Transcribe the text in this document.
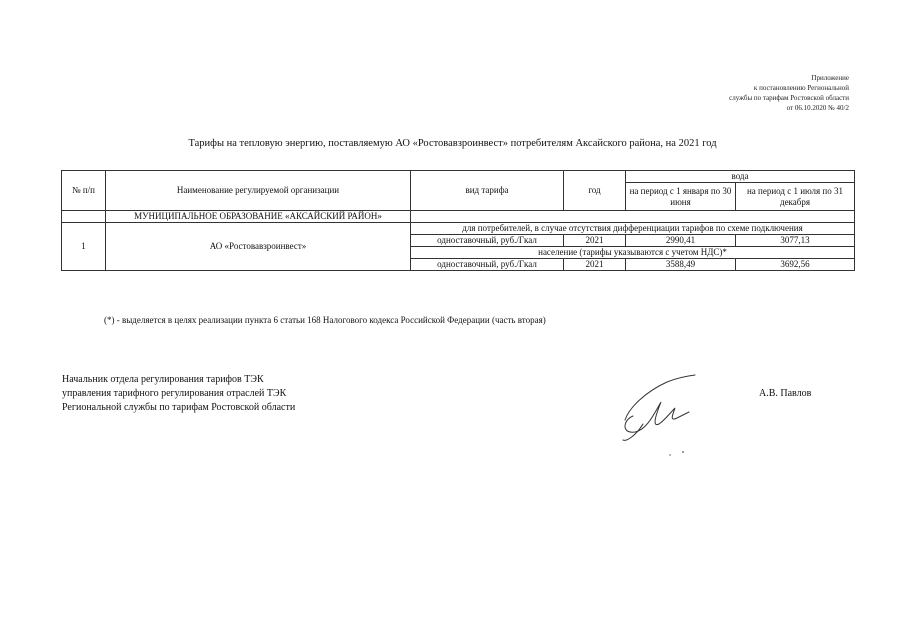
Приложение
к постановлению Региональной
службы по тарифам Ростовской области
от 06.10.2020 № 40/2
Тарифы на тепловую энергию, поставляемую АО «Ростовавзроинвест» потребителям Аксайского района, на 2021 год
№ п/п	Наименование регулируемой организации	вид тарифа	год	вода	
				на период с 1 января по 30 июня	на период с 1 июля по 31 декабря

	МУНИЦИПАЛЬНОЕ ОБРАЗОВАНИЕ «АКСАЙСКИЙ РАЙОН»				
1	АО «Ростовавзроинвест»	для потребителей, в случае отсутствия дифференциации тарифов по схеме подключения			
		одноставочный, руб./Гкал	2021	2990,41	3077,13
		население (тарифы указываются с учетом НДС)*			
		одноставочный, руб./Гкал	2021	3588,49	3692,56
(*) - выделяется в целях реализации пункта 6 статьи 168 Налогового кодекса Российской Федерации (часть вторая)
Начальник отдела регулирования тарифов ТЭК
управления тарифного регулирования отраслей ТЭК
Региональной службы по тарифам Ростовской области
А.В. Павлов
